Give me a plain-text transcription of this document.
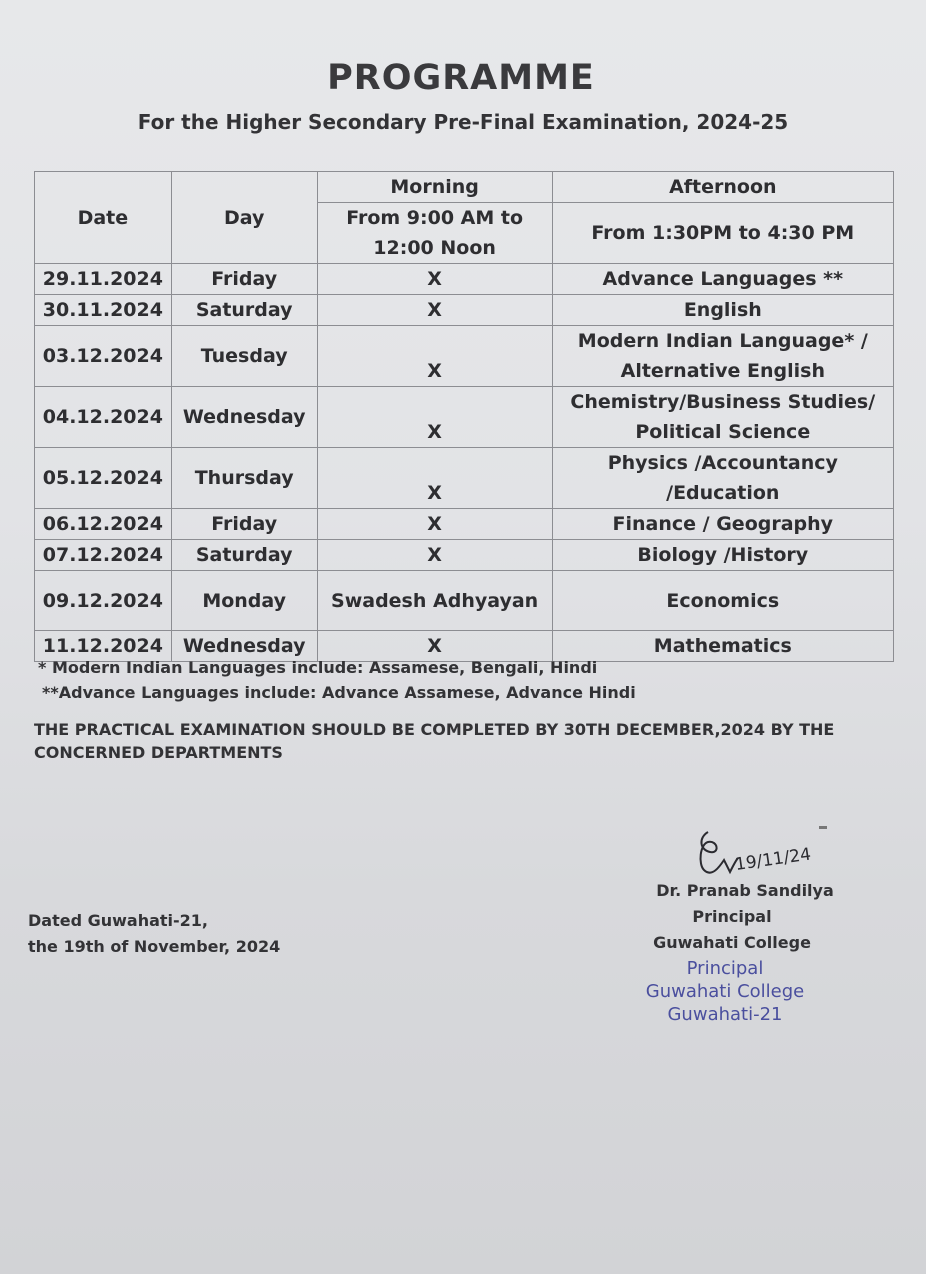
PROGRAMME
For the Higher Secondary Pre-Final Examination, 2024-25
Date	Day	Morning	Afternoon
		From 9:00 AM to 12:00 Noon	From 1:30PM to 4:30 PM
29.11.2024	Friday	X	Advance Languages **
30.11.2024	Saturday	X	English
03.12.2024	Tuesday	X	Modern Indian Language* / Alternative English
04.12.2024	Wednesday	X	Chemistry/Business Studies/ Political Science
05.12.2024	Thursday	X	Physics /Accountancy /Education
06.12.2024	Friday	X	Finance / Geography
07.12.2024	Saturday	X	Biology /History
09.12.2024	Monday	Swadesh Adhyayan	Economics
11.12.2024	Wednesday	X	Mathematics
* Modern Indian Languages include: Assamese, Bengali, Hindi
**Advance Languages include: Advance Assamese, Advance Hindi
THE PRACTICAL EXAMINATION SHOULD BE COMPLETED BY 30TH DECEMBER,2024 BY THE CONCERNED DEPARTMENTS
Dated Guwahati-21,
the 19th of November, 2024
19/11/24
Dr. Pranab Sandilya
Principal
Guwahati College
Principal
Guwahati College
Guwahati-21
